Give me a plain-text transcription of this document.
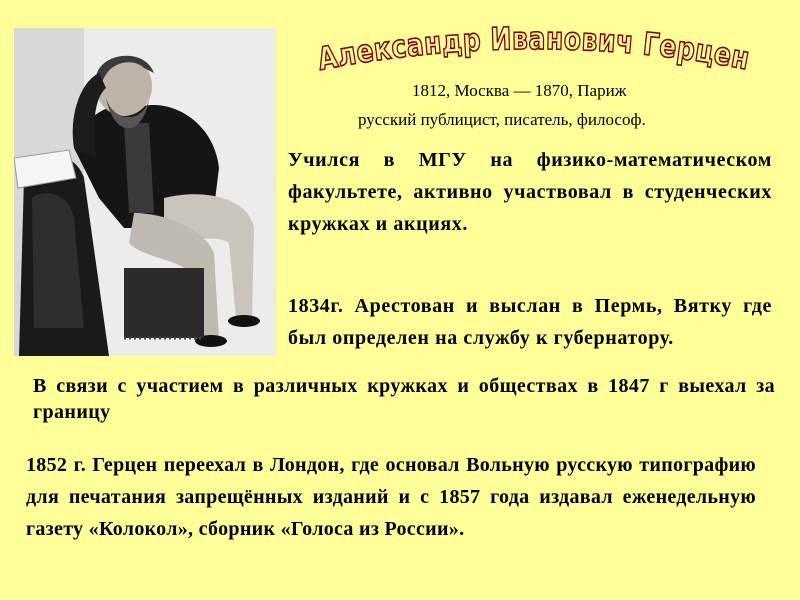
Александр Иванович Герцен
1812, Москва — 1870, Париж
русский публицист, писатель, философ.
Учился в МГУ на физико-математическом факультете, активно участвовал в студенческих кружках и акциях.
1834г. Арестован и выслан в Пермь, Вятку где был определен на службу к губернатору.
В связи с участием в различных кружках и обществах в 1847 г выехал за границу
1852 г. Герцен переехал в Лондон, где основал Вольную русскую типографию для печатания запрещённых изданий и с 1857 года издавал еженедельную газету «Колокол», сборник «Голоса из России».
